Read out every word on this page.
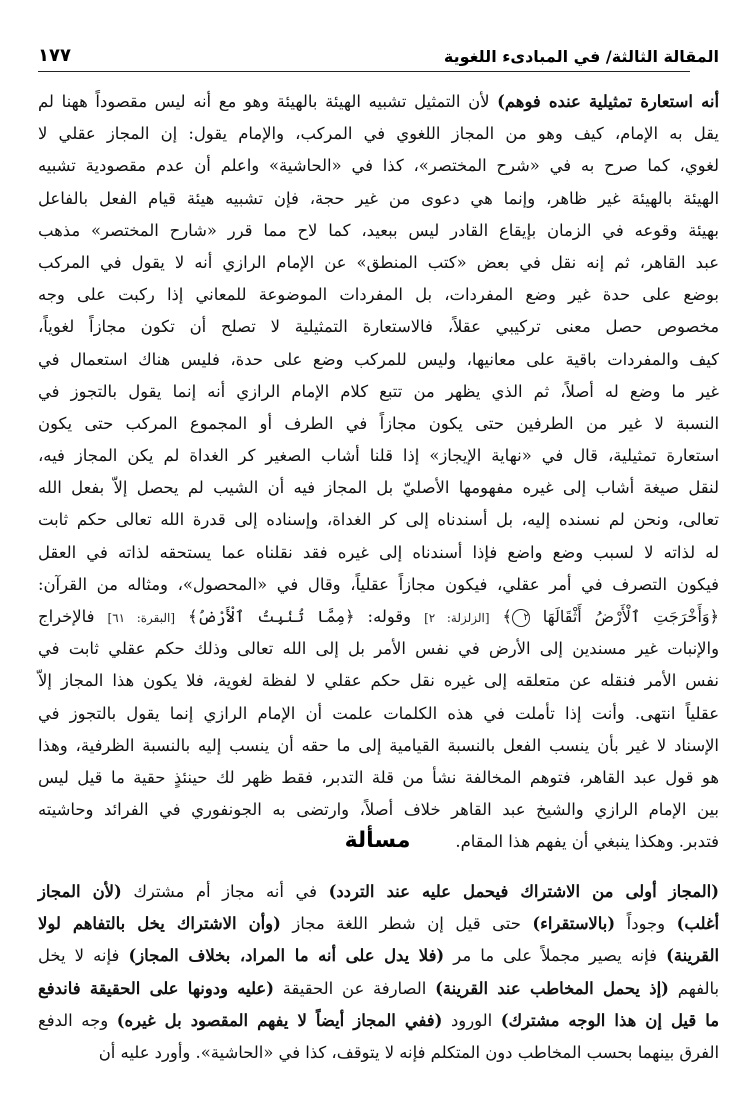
المقالة الثالثة/ في المبادىء اللغوية
١٧٧
أنه استعارة تمثيلية عنده فوهم) لأن التمثيل تشبيه الهيئة بالهيئة وهو مع أنه ليس مقصوداً ههنا لم
يقل به الإمام، كيف وهو من المجاز اللغوي في المركب، والإمام يقول: إن المجاز عقلي لا
لغوي، كما صرح به في «شرح المختصر»، كذا في «الحاشية» واعلم أن عدم مقصودية تشبيه
الهيئة بالهيئة غير ظاهر، وإنما هي دعوى من غير حجة، فإن تشبيه هيئة قيام الفعل بالفاعل
بهيئة وقوعه في الزمان بإيقاع القادر ليس ببعيد، كما لاح مما قرر «شارح المختصر» مذهب
عبد القاهر، ثم إنه نقل في بعض «كتب المنطق» عن الإمام الرازي أنه لا يقول في المركب
بوضع على حدة غير وضع المفردات، بل المفردات الموضوعة للمعاني إذا ركبت على وجه
مخصوص حصل معنى تركيبي عقلاً، فالاستعارة التمثيلية لا تصلح أن تكون مجازاً لغوياً،
كيف والمفردات باقية على معانيها، وليس للمركب وضع على حدة، فليس هناك استعمال في
غير ما وضع له أصلاً، ثم الذي يظهر من تتبع كلام الإمام الرازي أنه إنما يقول بالتجوز في
النسبة لا غير من الطرفين حتى يكون مجازاً في الطرف أو المجموع المركب حتى يكون
استعارة تمثيلية، قال في «نهاية الإيجاز» إذا قلنا أشاب الصغير كر الغداة لم يكن المجاز فيه،
لنقل صيغة أشاب إلى غيره مفهومها الأصليّ بل المجاز فيه أن الشيب لم يحصل إلاّ بفعل الله
تعالى، ونحن لم نسنده إليه، بل أسندناه إلى كر الغداة، وإسناده إلى قدرة الله تعالى حكم ثابت
له لذاته لا لسبب وضع واضع فإذا أسندناه إلى غيره فقد نقلناه عما يستحقه لذاته في العقل
فيكون التصرف في أمر عقلي، فيكون مجازاً عقلياً، وقال في «المحصول»، ومثاله من القرآن:
﴿وَأَخْرَجَتِ ٱلْأَرْضُ أَثْقَالَهَا ٢﴾ [الزلزلة: ٢] وقوله: ﴿مِمَّا تُنۢبِتُ ٱلْأَرْضُ﴾ [البقرة: ٦١] فالإخراج
والإنبات غير مسندين إلى الأرض في نفس الأمر بل إلى الله تعالى وذلك حكم عقلي ثابت في
نفس الأمر فنقله عن متعلقه إلى غيره نقل حكم عقلي لا لفظة لغوية، فلا يكون هذا المجاز إلاّ
عقلياً انتهى. وأنت إذا تأملت في هذه الكلمات علمت أن الإمام الرازي إنما يقول بالتجوز في
الإسناد لا غير بأن ينسب الفعل بالنسبة القيامية إلى ما حقه أن ينسب إليه بالنسبة الظرفية، وهذا
هو قول عبد القاهر، فتوهم المخالفة نشأ من قلة التدبر، فقط ظهر لك حينئذٍ حقية ما قيل ليس
بين الإمام الرازي والشيخ عبد القاهر خلاف أصلاً، وارتضى به الجونفوري في الفرائد وحاشيته
فتدبر. وهكذا ينبغي أن يفهم هذا المقام.
مسألة
(المجاز أولى من الاشتراك فيحمل عليه عند التردد) في أنه مجاز أم مشترك (لأن المجاز
أغلب) وجوداً (بالاستقراء) حتى قيل إن شطر اللغة مجاز (وأن الاشتراك يخل بالتفاهم لولا
القرينة) فإنه يصير مجملاً على ما مر (فلا يدل على أنه ما المراد، بخلاف المجاز) فإنه لا يخل
بالفهم (إذ يحمل المخاطب عند القرينة) الصارفة عن الحقيقة (عليه ودونها على الحقيقة فاندفع
ما قيل إن هذا الوجه مشترك) الورود (ففي المجاز أيضاً لا يفهم المقصود بل غيره) وجه الدفع
الفرق بينهما بحسب المخاطب دون المتكلم فإنه لا يتوقف، كذا في «الحاشية». وأورد عليه أن
